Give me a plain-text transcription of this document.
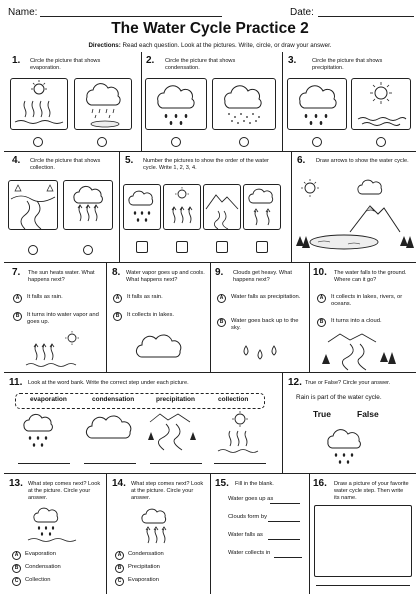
Name:	Date:
The Water Cycle Practice 2
Directions: Read each question. Look at the pictures. Write, circle, or draw your answer.
1. Circle the picture that shows evaporation.
2. Circle the picture that shows condensation.
3.	Circle the picture that shows precipitation.
4. Circle the picture that shows collection.
5. Number the pictures to show the order of the water cycle. Write 1, 2, 3, 4.
6. Draw arrows to show the water cycle.
7. The sun heats water. What happens next?
A	It falls as rain.
B	It turns into water vapor and goes up.
8. Water vapor goes up and cools. What happens next?
A	It falls as rain.
B	It collects in lakes.
9. Clouds get heavy. What happens next?
A	Water falls as precipitation.
B	Water goes back up to the sky.
10. The water falls to the ground. Where can it go?
A	It collects in lakes, rivers, or oceans.
B	It turns into a cloud.
11. Look at the word bank. Write the correct step under each picture.
evaporation	condensation	precipitation	collection
12. True or False? Circle your answer.
Rain is part of the water cycle.
True	False
13. What step comes next? Look at the picture. Circle your answer.
A	Evaporation
B	Condensation
C	Collection
14. What step comes next? Look at the picture. Circle your answer.
A	Condensation
B	Precipitation
C	Evaporation
15. Fill in the blank.
Water goes up as
Clouds form by
Water falls as
Water collects in
16. Draw a picture of your favorite water cycle step. Then write its name.
